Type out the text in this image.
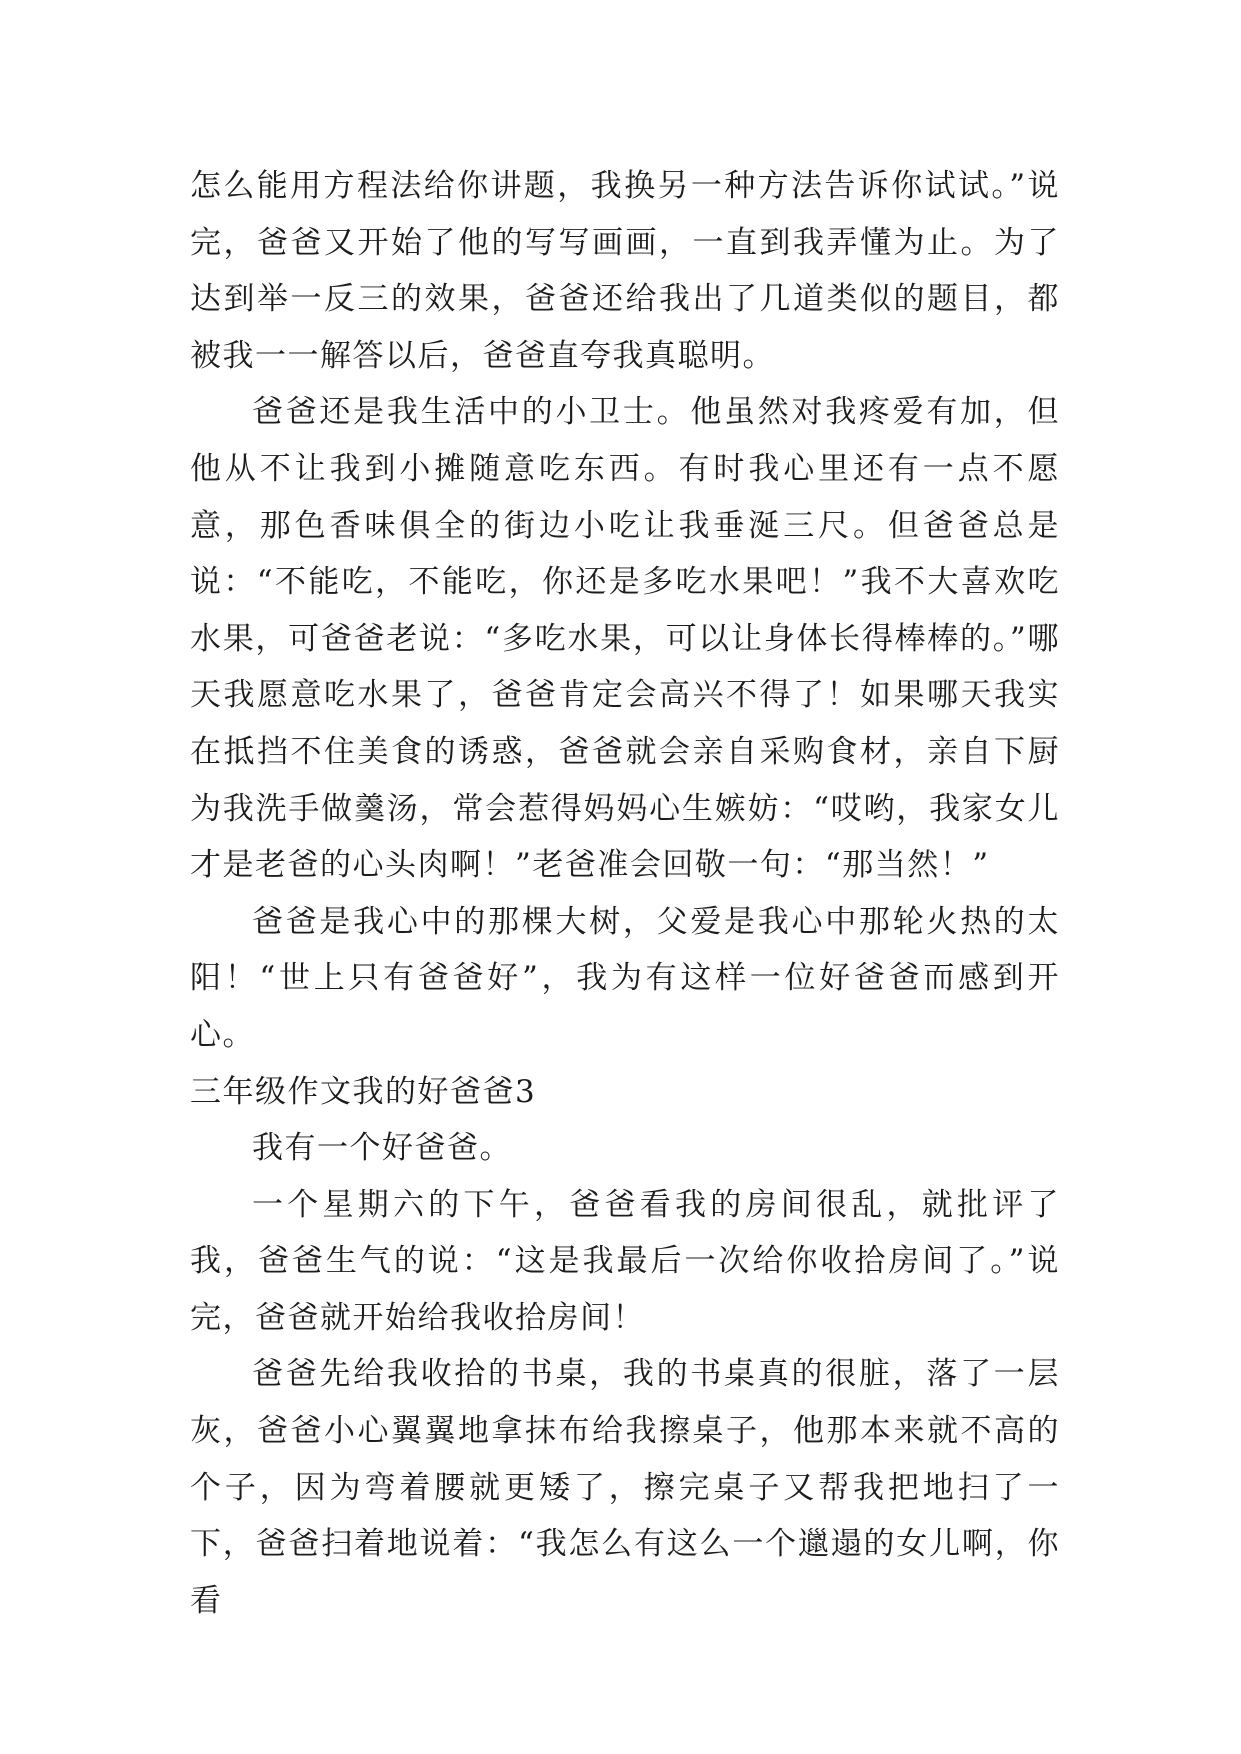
怎么能用方程法给你讲题，我换另一种方法告诉你试试。”说完，爸爸又开始了他的写写画画，一直到我弄懂为止。为了达到举一反三的效果，爸爸还给我出了几道类似的题目，都被我一一解答以后，爸爸直夸我真聪明。

爸爸还是我生活中的小卫士。他虽然对我疼爱有加，但他从不让我到小摊随意吃东西。有时我心里还有一点不愿意，那色香味俱全的街边小吃让我垂涎三尺。但爸爸总是说：“不能吃，不能吃，你还是多吃水果吧！”我不大喜欢吃水果，可爸爸老说：“多吃水果，可以让身体长得棒棒的。”哪天我愿意吃水果了，爸爸肯定会高兴不得了！如果哪天我实在抵挡不住美食的诱惑，爸爸就会亲自采购食材，亲自下厨为我洗手做羹汤，常会惹得妈妈心生嫉妨：“哎哟，我家女儿才是老爸的心头肉啊！”老爸准会回敬一句：“那当然！”

爸爸是我心中的那棵大树，父爱是我心中那轮火热的太阳！“世上只有爸爸好”，我为有这样一位好爸爸而感到开心。

三年级作文我的好爸爸3

我有一个好爸爸。

一个星期六的下午，爸爸看我的房间很乱，就批评了我，爸爸生气的说：“这是我最后一次给你收拾房间了。”说完，爸爸就开始给我收拾房间！

爸爸先给我收拾的书桌，我的书桌真的很脏，落了一层灰，爸爸小心翼翼地拿抹布给我擦桌子，他那本来就不高的个子，因为弯着腰就更矮了，擦完桌子又帮我把地扫了一下，爸爸扫着地说着：“我怎么有这么一个邋遢的女儿啊，你看
